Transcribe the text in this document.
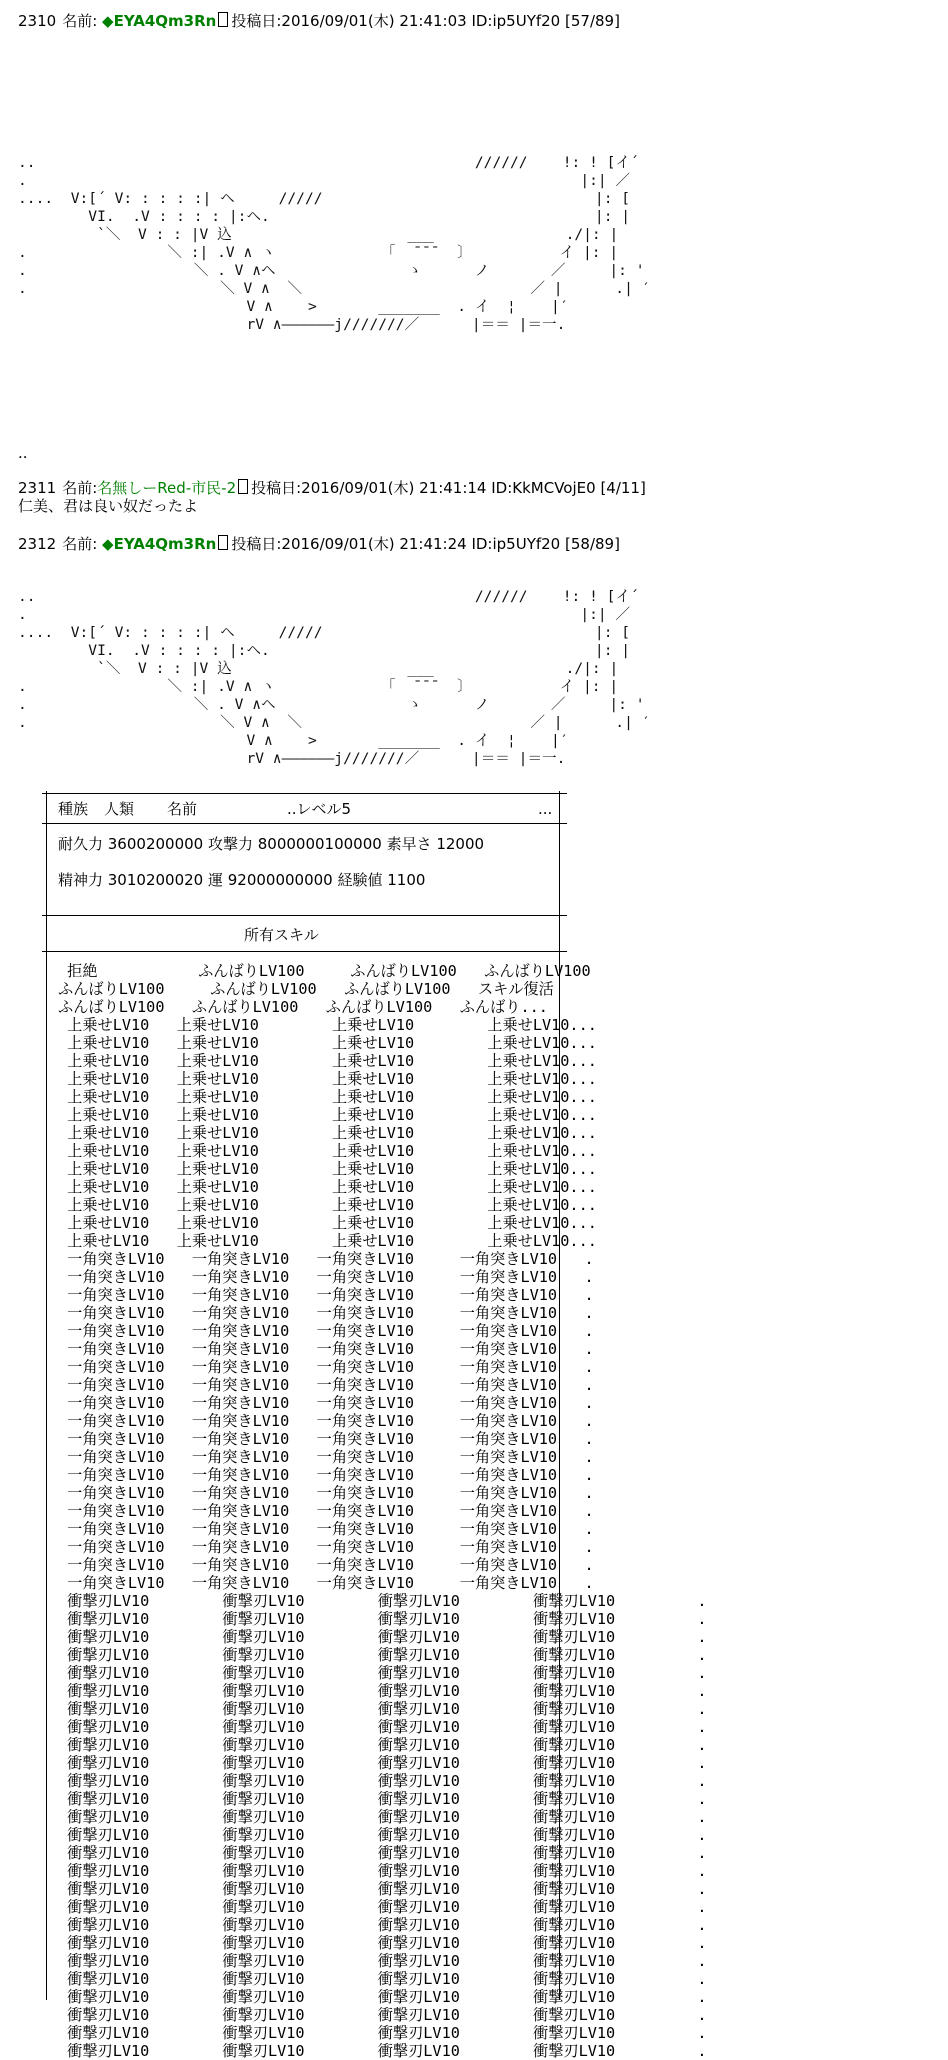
2310 名前: ◆EYA4Qm3Rn 投稿日:2016/09/01(木) 21:41:03 ID:ip5UYf20 [57/89]
..                                                  //////    !: ! [イ´
.                                                               |:| ／
....  V:[´ V: : : : :| ヘ     /////                               |: [
VI.  .V : : : : |:ヘ.                                     |: |
`＼  V : : |V 込                    ___               ./|: |
.                ＼ :| .V ∧ ヽ            「  ¯¯¯  〕          イ |: |
.                   ＼ . V ∧ヘ               ゝ      ノ       ／     |: '
.                      ＼ V ∧  ＼                          ／ |      .| ′
V ∧    >       _______  . イ  ¦    |′
rV ∧――――――j///////／      |＝＝ |＝一.
..
2311 名前:名無しーRed-市民-2 投稿日:2016/09/01(木) 21:41:14 ID:KkMCVojE0 [4/11]
仁美、君は良い奴だったよ
2312 名前: ◆EYA4Qm3Rn 投稿日:2016/09/01(木) 21:41:24 ID:ip5UYf20 [58/89]
..                                                  //////    !: ! [イ´
.                                                               |:| ／
....  V:[´ V: : : : :| ヘ     /////                               |: [
VI.  .V : : : : |:ヘ.                                     |: |
`＼  V : : |V 込                    ___               ./|: |
.                ＼ :| .V ∧ ヽ            「  ¯¯¯  〕          イ |: |
.                   ＼ . V ∧ヘ               ゝ      ノ       ／     |: '
.                      ＼ V ∧  ＼                          ／ |      .| ′
V ∧    >       _______  . イ  ¦    |′
rV ∧――――――j///////／      |＝＝ |＝一.
種族 人類 名前	..レベル5	...
耐久力 3600200000 攻撃力 8000000100000 素早さ 12000
精神力 3010200020 運 92000000000 経験値 1100
所有スキル
拒絶           ふんばりLV100     ふんばりLV100   ふんばりLV100
ふんばりLV100     ふんばりLV100   ふんばりLV100   スキル復活
ふんばりLV100   ふんばりLV100   ふんばりLV100   ふんばり...
上乗せLV10   上乗せLV10        上乗せLV10        上乗せLV10...
上乗せLV10   上乗せLV10        上乗せLV10        上乗せLV10...
上乗せLV10   上乗せLV10        上乗せLV10        上乗せLV10...
上乗せLV10   上乗せLV10        上乗せLV10        上乗せLV10...
上乗せLV10   上乗せLV10        上乗せLV10        上乗せLV10...
上乗せLV10   上乗せLV10        上乗せLV10        上乗せLV10...
上乗せLV10   上乗せLV10        上乗せLV10        上乗せLV10...
上乗せLV10   上乗せLV10        上乗せLV10        上乗せLV10...
上乗せLV10   上乗せLV10        上乗せLV10        上乗せLV10...
上乗せLV10   上乗せLV10        上乗せLV10        上乗せLV10...
上乗せLV10   上乗せLV10        上乗せLV10        上乗せLV10...
上乗せLV10   上乗せLV10        上乗せLV10        上乗せLV10...
上乗せLV10   上乗せLV10        上乗せLV10        上乗せLV10...
一角突きLV10   一角突きLV10   一角突きLV10     一角突きLV10   .
一角突きLV10   一角突きLV10   一角突きLV10     一角突きLV10   .
一角突きLV10   一角突きLV10   一角突きLV10     一角突きLV10   .
一角突きLV10   一角突きLV10   一角突きLV10     一角突きLV10   .
一角突きLV10   一角突きLV10   一角突きLV10     一角突きLV10   .
一角突きLV10   一角突きLV10   一角突きLV10     一角突きLV10   .
一角突きLV10   一角突きLV10   一角突きLV10     一角突きLV10   .
一角突きLV10   一角突きLV10   一角突きLV10     一角突きLV10   .
一角突きLV10   一角突きLV10   一角突きLV10     一角突きLV10   .
一角突きLV10   一角突きLV10   一角突きLV10     一角突きLV10   .
一角突きLV10   一角突きLV10   一角突きLV10     一角突きLV10   .
一角突きLV10   一角突きLV10   一角突きLV10     一角突きLV10   .
一角突きLV10   一角突きLV10   一角突きLV10     一角突きLV10   .
一角突きLV10   一角突きLV10   一角突きLV10     一角突きLV10   .
一角突きLV10   一角突きLV10   一角突きLV10     一角突きLV10   .
一角突きLV10   一角突きLV10   一角突きLV10     一角突きLV10   .
一角突きLV10   一角突きLV10   一角突きLV10     一角突きLV10   .
一角突きLV10   一角突きLV10   一角突きLV10     一角突きLV10   .
一角突きLV10   一角突きLV10   一角突きLV10     一角突きLV10   .
衝撃刃LV10        衝撃刃LV10        衝撃刃LV10        衝撃刃LV10         .
衝撃刃LV10        衝撃刃LV10        衝撃刃LV10        衝撃刃LV10         .
衝撃刃LV10        衝撃刃LV10        衝撃刃LV10        衝撃刃LV10         .
衝撃刃LV10        衝撃刃LV10        衝撃刃LV10        衝撃刃LV10         .
衝撃刃LV10        衝撃刃LV10        衝撃刃LV10        衝撃刃LV10         .
衝撃刃LV10        衝撃刃LV10        衝撃刃LV10        衝撃刃LV10         .
衝撃刃LV10        衝撃刃LV10        衝撃刃LV10        衝撃刃LV10         .
衝撃刃LV10        衝撃刃LV10        衝撃刃LV10        衝撃刃LV10         .
衝撃刃LV10        衝撃刃LV10        衝撃刃LV10        衝撃刃LV10         .
衝撃刃LV10        衝撃刃LV10        衝撃刃LV10        衝撃刃LV10         .
衝撃刃LV10        衝撃刃LV10        衝撃刃LV10        衝撃刃LV10         .
衝撃刃LV10        衝撃刃LV10        衝撃刃LV10        衝撃刃LV10         .
衝撃刃LV10        衝撃刃LV10        衝撃刃LV10        衝撃刃LV10         .
衝撃刃LV10        衝撃刃LV10        衝撃刃LV10        衝撃刃LV10         .
衝撃刃LV10        衝撃刃LV10        衝撃刃LV10        衝撃刃LV10         .
衝撃刃LV10        衝撃刃LV10        衝撃刃LV10        衝撃刃LV10         .
衝撃刃LV10        衝撃刃LV10        衝撃刃LV10        衝撃刃LV10         .
衝撃刃LV10        衝撃刃LV10        衝撃刃LV10        衝撃刃LV10         .
衝撃刃LV10        衝撃刃LV10        衝撃刃LV10        衝撃刃LV10         .
衝撃刃LV10        衝撃刃LV10        衝撃刃LV10        衝撃刃LV10         .
衝撃刃LV10        衝撃刃LV10        衝撃刃LV10        衝撃刃LV10         .
衝撃刃LV10        衝撃刃LV10        衝撃刃LV10        衝撃刃LV10         .
衝撃刃LV10        衝撃刃LV10        衝撃刃LV10        衝撃刃LV10         .
衝撃刃LV10        衝撃刃LV10        衝撃刃LV10        衝撃刃LV10         .
衝撃刃LV10        衝撃刃LV10        衝撃刃LV10        衝撃刃LV10         .
衝撃刃LV10        衝撃刃LV10        衝撃刃LV10        衝撃刃LV10         .
